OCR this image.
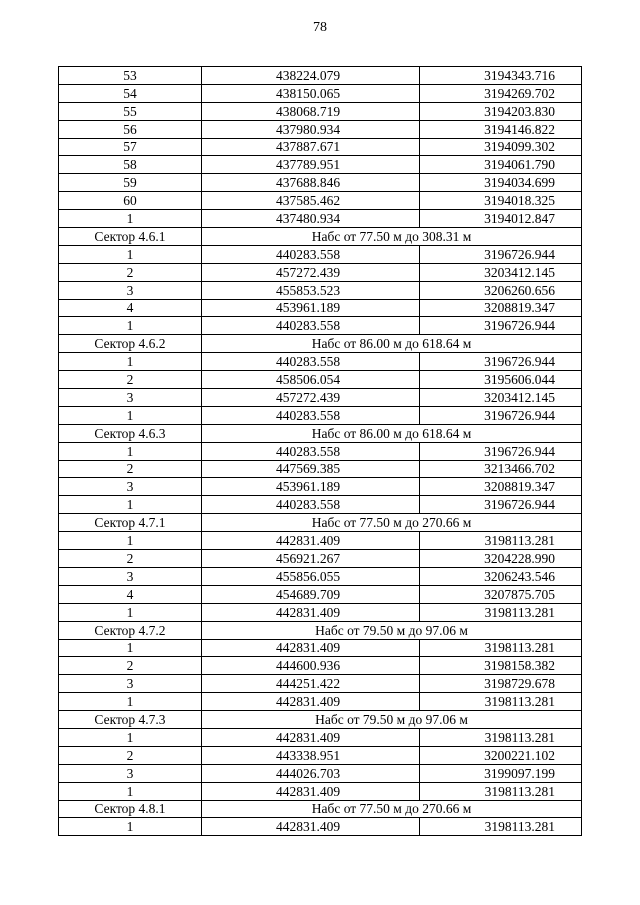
78
53	438224.079	3194343.716
54	438150.065	3194269.702
55	438068.719	3194203.830
56	437980.934	3194146.822
57	437887.671	3194099.302
58	437789.951	3194061.790
59	437688.846	3194034.699
60	437585.462	3194018.325
1	437480.934	3194012.847
Сектор 4.6.1	Набс от 77.50 м до 308.31 м	
1	440283.558	3196726.944
2	457272.439	3203412.145
3	455853.523	3206260.656
4	453961.189	3208819.347
1	440283.558	3196726.944
Сектор 4.6.2	Набс от 86.00 м до 618.64 м	
1	440283.558	3196726.944
2	458506.054	3195606.044
3	457272.439	3203412.145
1	440283.558	3196726.944
Сектор 4.6.3	Набс от 86.00 м до 618.64 м	
1	440283.558	3196726.944
2	447569.385	3213466.702
3	453961.189	3208819.347
1	440283.558	3196726.944
Сектор 4.7.1	Набс от 77.50 м до 270.66 м	
1	442831.409	3198113.281
2	456921.267	3204228.990
3	455856.055	3206243.546
4	454689.709	3207875.705
1	442831.409	3198113.281
Сектор 4.7.2	Набс от 79.50 м до 97.06 м	
1	442831.409	3198113.281
2	444600.936	3198158.382
3	444251.422	3198729.678
1	442831.409	3198113.281
Сектор 4.7.3	Набс от 79.50 м до 97.06 м	
1	442831.409	3198113.281
2	443338.951	3200221.102
3	444026.703	3199097.199
1	442831.409	3198113.281
Сектор 4.8.1	Набс от 77.50 м до 270.66 м	
1	442831.409	3198113.281
